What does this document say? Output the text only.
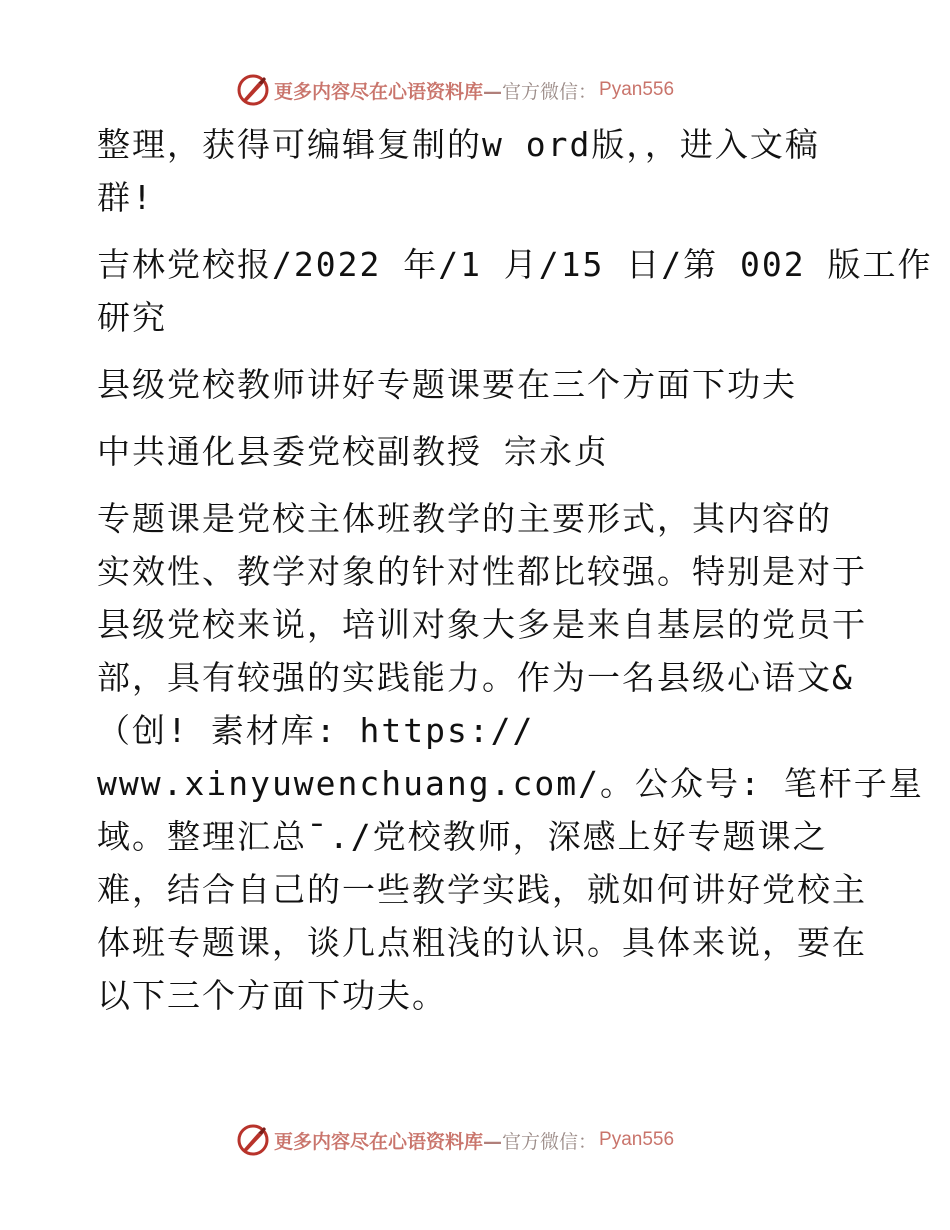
更多内容尽在心语资料库—官方微信： Pyan556

整理，获得可编辑复制的w ord版，，进入文稿

群!

吉林党校报/2022 年/1 月/15 日/第 002 版工作

研究

县级党校教师讲好专题课要在三个方面下功夫

中共通化县委党校副教授 宗永贞

专题课是党校主体班教学的主要形式，其内容的

实效性、教学对象的针对性都比较强。特别是对于

县级党校来说，培训对象大多是来自基层的党员干

部，具有较强的实践能力。作为一名县级心语文&

（创! 素材库: https://

www.xinyuwenchuang.com/。公众号: 笔杆子星

域。整理汇总¯./党校教师，深感上好专题课之

难，结合自己的一些教学实践，就如何讲好党校主

体班专题课，谈几点粗浅的认识。具体来说，要在

以下三个方面下功夫。

更多内容尽在心语资料库—官方微信： Pyan556
